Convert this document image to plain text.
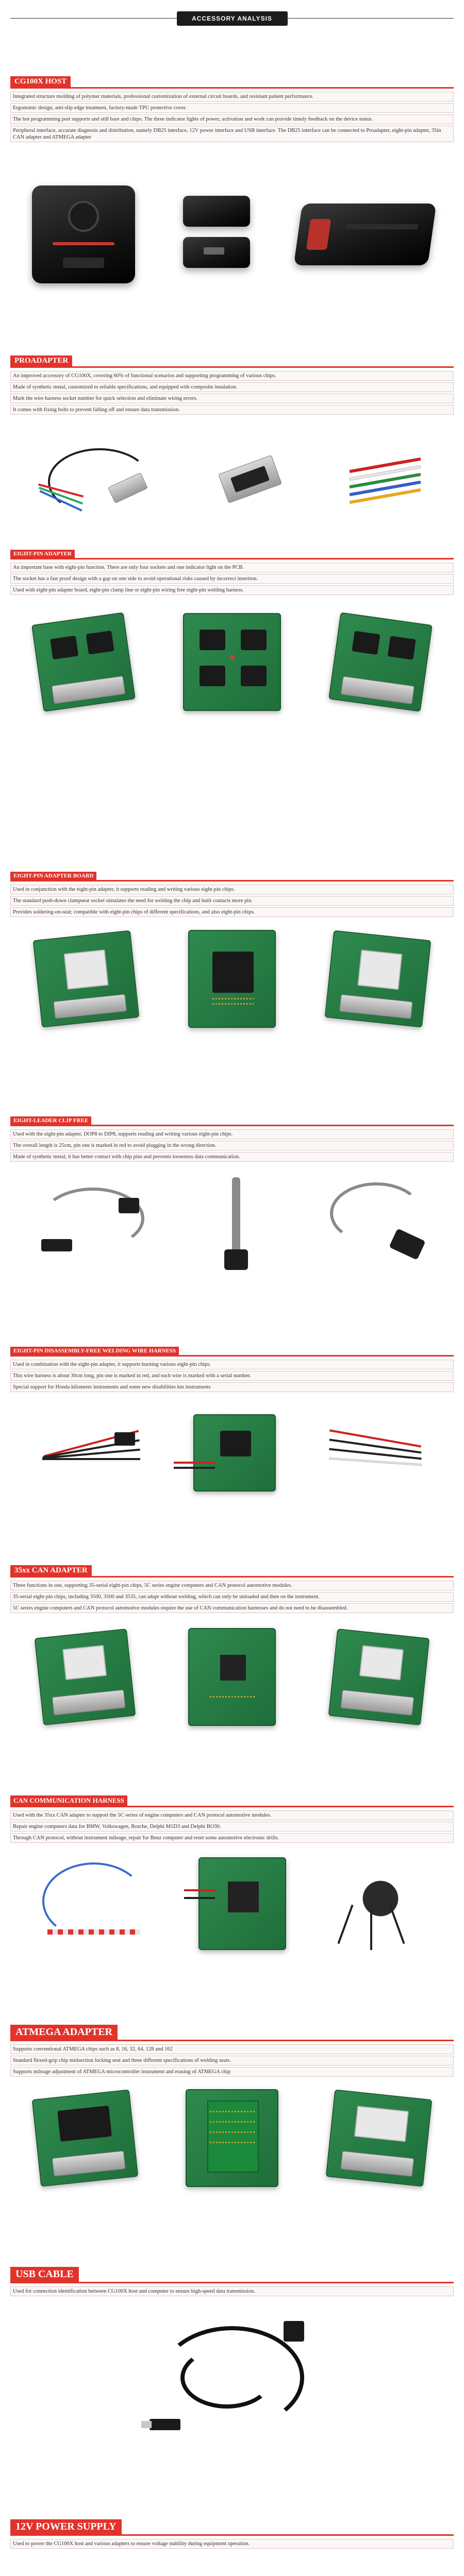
ACCESSORY ANALYSIS
CG100X HOST
Integrated structure molding of polymer materials, professional customization of external circuit boards, and resistant patient performance.
Ergonomic design, anti-slip edge treatment, factory-made TPU protective cover.
The hot programming port supports and still bare and chips. The three indicator lights of power, activation and work can provide timely feedback on the device status.
Peripheral interface, accurate diagnosis and distribution, namely DB25 interface, 12V power interface and USB interface. The DB25 interface can be connected to Proadapter, eight-pin adapter, 35in CAN adapter and ATMEGA adapter
PROADAPTER
An improved accessory of CG100X, covering 60% of functional scenarios and supporting programming of various chips.
Made of synthetic metal, customized to reliable specifications, and equipped with composite insulation.
Mark the wire harness socket number for quick selection and eliminate wiring errors.
It comes with fixing bolts to prevent falling off and ensure data transmission.
EIGHT-PIN ADAPTER
An important base with eight-pin function. There are only four sockets and one indicator light on the PCB.
The socket has a fast proof design with a gap on one side to avoid operational risks caused by incorrect insertion.
Used with eight-pin adapter board, eight-pin clamp line or eight-pin wiring free eight-pin welding harness.
EIGHT-PIN ADAPTER BOARD
Used in conjunction with the eight-pin adapter, it supports reading and writing various eight-pin chips.
The standard push-down clampseat socket simulates the need for welding the chip and built contacts more pin.
Provides soldering-on-seat; compatible with eight-pin chips of different specifications, and also eight-pin chips.
EIGHT-LEADER CLIP FREE
Used with the eight-pin adapter, DOP8 to DIP8, supports reading and writing various eight-pin chips.
The overall length is 25cm, pin one is marked in red to avoid plugging in the wrong direction.
Made of synthetic metal, it has better contact with chip pins and prevents looseness data communication.
EIGHT-PIN DISASSEMBLY-FREE WELDING WIRE HARNESS
Used in combination with the eight-pin adapter, it supports burning various eight-pin chips.
This wire harness is about 30cm long, pin one is marked in red, and each wire is marked with a serial number.
Special support for Honda kilometer instruments and some new disabilities km instruments
35xx CAN ADAPTER
Three functions in one, supporting 35-serial eight-pin chips, 5C series engine computers and CAN protocol automotive modules.
35-serial eight-pin chips, including 3500, 3500 and 3535, can adapt without welding, which can only be unloaded and then on the instrument.
5C series engine computers and CAN protocol automotive modules require the use of CAN communication harnesses and do not need to be disassembled.
CAN COMMUNICATION HARNESS
Used with the 35xx CAN adapter to support the 5C series of engine computers and CAN protocol automotive modules.
Repair engine computers data for BMW, Volkswagen, Bosche, Delphi M1D3 and Delphi BO30.
Through CAN protocol, without instrument mileage, repair for Benz computer and reset some automotive electronic drills.
ATMEGA ADAPTER
Supports conventional ATMEGA chips such as 8, 16, 32, 64, 128 and 162
Standard flexed-grip chip midsection locking seat and three different specifications of welding seats.
Supports mileage adjustment of ATMEGA microcontroller instrument and erasing of ATMEGA chip
USB CABLE
Used for connection identification between CG100X host and computer to ensure high-speed data transmission.
12V POWER SUPPLY
Used to power the CG100X host and various adapters to ensure voltage stability during equipment operation.
